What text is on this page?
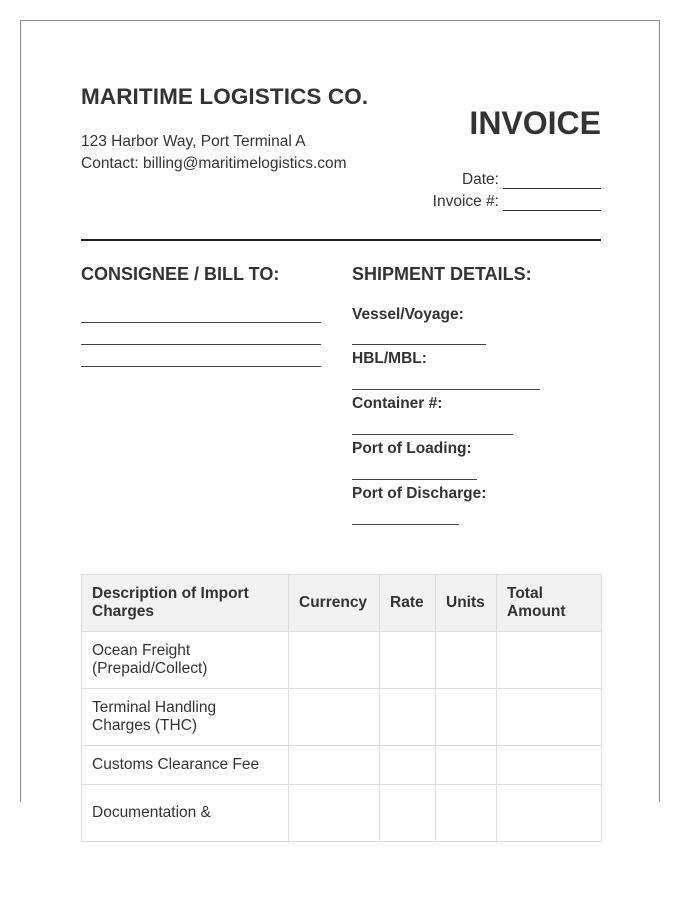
MARITIME LOGISTICS CO.
123 Harbor Way, Port Terminal A
Contact: billing@maritimelogistics.com
INVOICE
Date:
Invoice #:
CONSIGNEE / BILL TO:	SHIPMENT DETAILS:
Vessel/Voyage:
HBL/MBL:
Container #:
Port of Loading:
Port of Discharge:
Description of Import Charges	Currency	Rate	Units	Total Amount
Ocean Freight (Prepaid/Collect)				
Terminal Handling Charges (THC)				
Customs Clearance Fee				
Documentation &				
